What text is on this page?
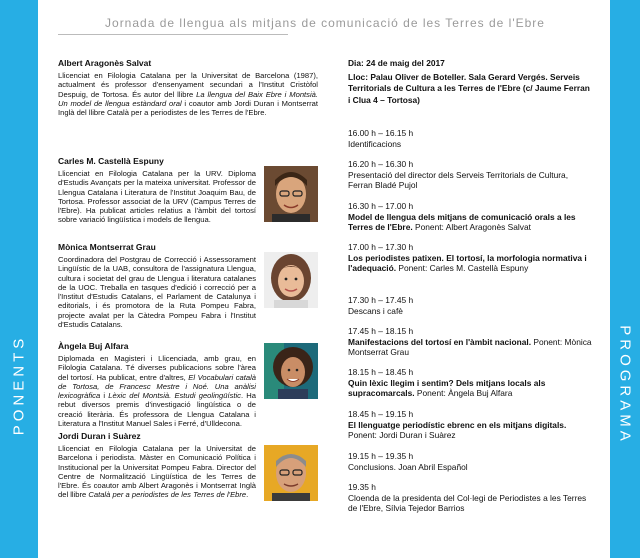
PONENTS	PROGRAMA
Jornada de llengua als mitjans de comunicació de les Terres de l'Ebre
Albert Aragonès Salvat
Llicenciat en Filologia Catalana per la Universitat de Barcelona (1987), actualment és professor d'ensenyament secundari a l'Institut Cristòfol Despuig, de Tortosa. És autor del llibre La llengua del Baix Ebre i Montsià. Un model de llengua estàndard oral i coautor amb Jordi Duran i Montserrat Inglà del llibre Català per a periodistes de les Terres de l'Ebre.
Carles M. Castellà Espuny
Llicenciat en Filologia Catalana per la URV. Diploma d'Estudis Avançats per la mateixa universitat. Professor de Llengua Catalana i Literatura de l'Institut Joaquim Bau, de Tortosa. Professor associat de la URV (Campus Terres de l'Ebre). Ha publicat articles relatius a l'àmbit del tortosí sobre variació lingüística i models de llengua.
Mònica Montserrat Grau
Coordinadora del Postgrau de Correcció i Assessorament Lingüístic de la UAB, consultora de l'assignatura Llengua, cultura i societat del grau de Llengua i literatura catalanes de la UOC. Treballa en tasques d'edició i correcció per a l'Institut d'Estudis Catalans, el Parlament de Catalunya i editorials, i és promotora de la Ruta Pompeu Fabra, projecte avalat per la Càtedra Pompeu Fabra i l'Institut d'Estudis Catalans.
Àngela Buj Alfara
Diplomada en Magisteri i Llicenciada, amb grau, en Filologia Catalana. Té diverses publicacions sobre l'àrea del tortosí. Ha publicat, entre d'altres, El Vocabulari català de Tortosa, de Francesc Mestre i Noé. Una anàlisi lexicogràfica i Lèxic del Montsià. Estudi geolingüístic. Ha rebut diversos premis d'investigació lingüística o de creació literària. És professora de Llengua Catalana i Literatura a l'Institut Manuel Sales i Ferré, d'Ulldecona.
Jordi Duran i Suàrez
Llicenciat en Filologia Catalana per la Universitat de Barcelona i periodista. Màster en Comunicació Política i Institucional per la Universitat Pompeu Fabra. Director del Centre de Normalització Lingüística de les Terres de l'Ebre. És coautor amb Albert Aragonès i Montserrat Inglà del llibre Català per a periodistes de les Terres de l'Ebre.
Dia: 24 de maig del 2017
Lloc: Palau Oliver de Boteller. Sala Gerard Vergés. Serveis Territorials de Cultura a les Terres de l'Ebre (c/ Jaume Ferran i Clua 4 – Tortosa)
16.00 h – 16.15 h
Identificacions
16.20 h – 16.30 h
Presentació del director dels Serveis Territorials de Cultura, Ferran Bladé Pujol
16.30 h – 17.00 h
Model de llengua dels mitjans de comunicació orals a les Terres de l'Ebre. Ponent: Albert Aragonès Salvat
17.00 h – 17.30 h
Los periodistes patixen. El tortosí, la morfologia normativa i l'adequació. Ponent: Carles M. Castellà Espuny
17.30 h – 17.45 h
Descans i cafè
17.45 h – 18.15 h
Manifestacions del tortosí en l'àmbit nacional. Ponent: Mònica Montserrat Grau
18.15 h – 18.45 h
Quin lèxic llegim i sentim? Dels mitjans locals als supracomarcals. Ponent: Àngela Buj Alfara
18.45 h – 19.15 h
El llenguatge periodístic ebrenc en els mitjans digitals. Ponent: Jordi Duran i Suàrez
19.15 h – 19.35 h
Conclusions. Joan Abril Español
19.35 h
Cloenda de la presidenta del Col·legi de Periodistes a les Terres de l'Ebre, Sílvia Tejedor Barrios
